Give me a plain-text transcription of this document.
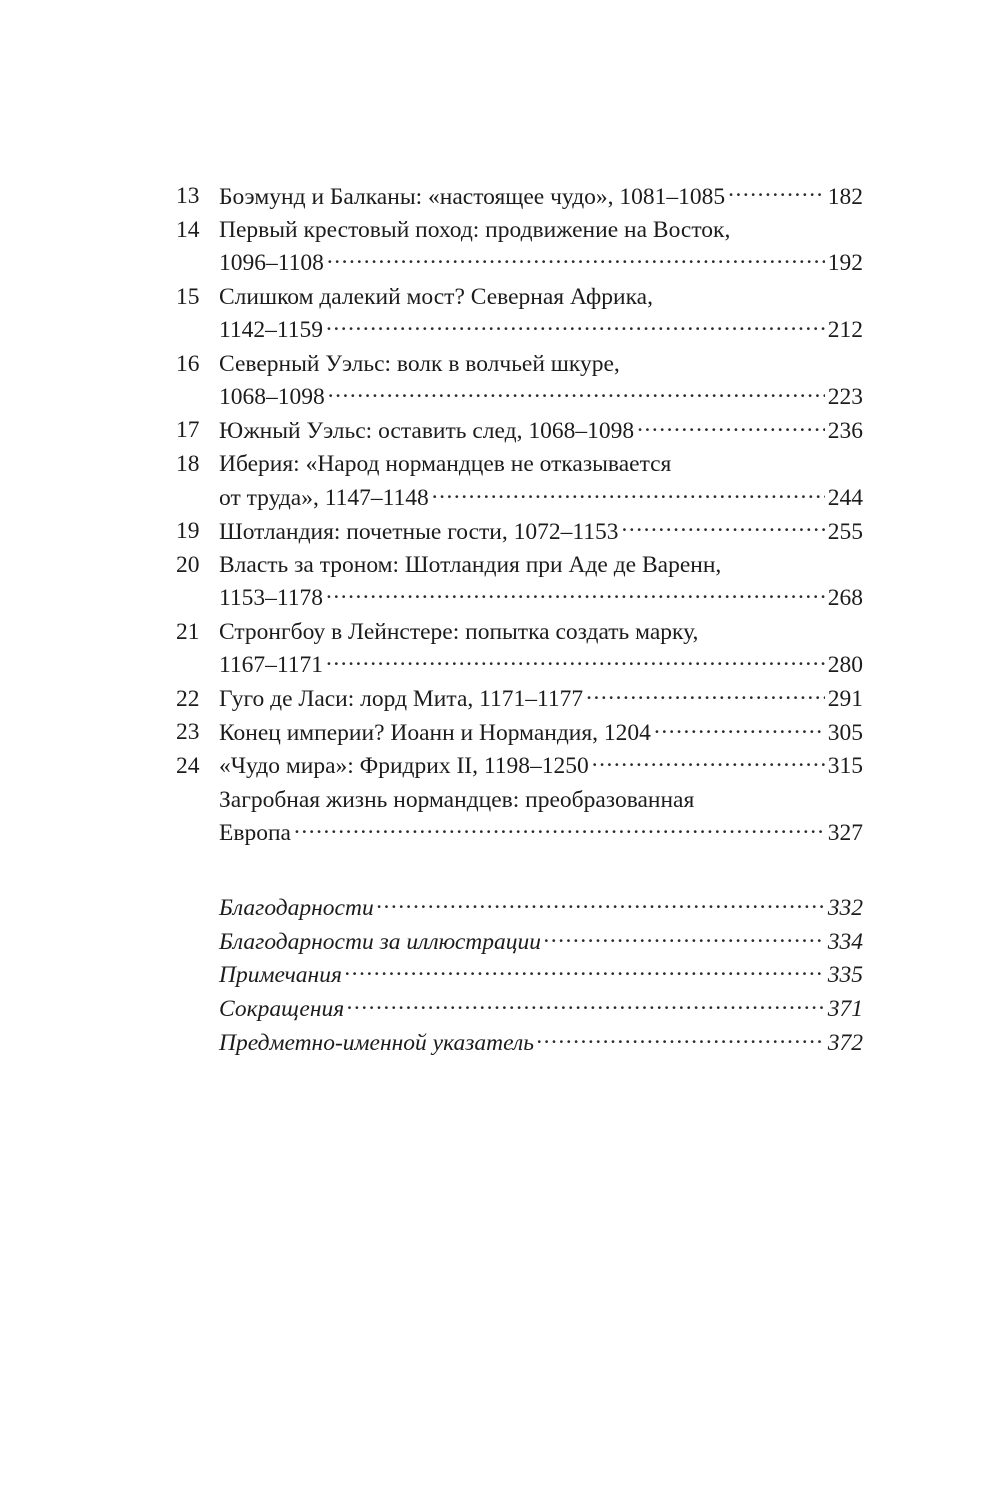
13 Боэмунд и Балканы: «настоящее чудо», 1081–1085 .....	182
14 Первый крестовый поход: продвижение на Восток,
1096–1108 .....	192
15 Слишком далекий мост? Северная Африка,
1142–1159 .....	212
16 Северный Уэльс: волк в волчьей шкуре,
1068–1098 .....	223
17 Южный Уэльс: оставить след, 1068–1098 .....	236
18 Иберия: «Народ нормандцев не отказывается
от труда», 1147–1148 .....	244
19 Шотландия: почетные гости, 1072–1153 .....	255
20 Власть за троном: Шотландия при Аде де Варенн,
1153–1178 .....	268
21 Стронгбоу в Лейнстере: попытка создать марку,
1167–1171 .....	280
22 Гуго де Ласи: лорд Мита, 1171–1177 .....	291
23 Конец империи? Иоанн и Нормандия, 1204 .....	305
24 «Чудо мира»: Фридрих II, 1198–1250 .....	315
Загробная жизнь нормандцев: преобразованная
Европа .....	327
Благодарности .....	332
Благодарности за иллюстрации .....	334
Примечания .....	335
Сокращения .....	371
Предметно-именной указатель .....	372
